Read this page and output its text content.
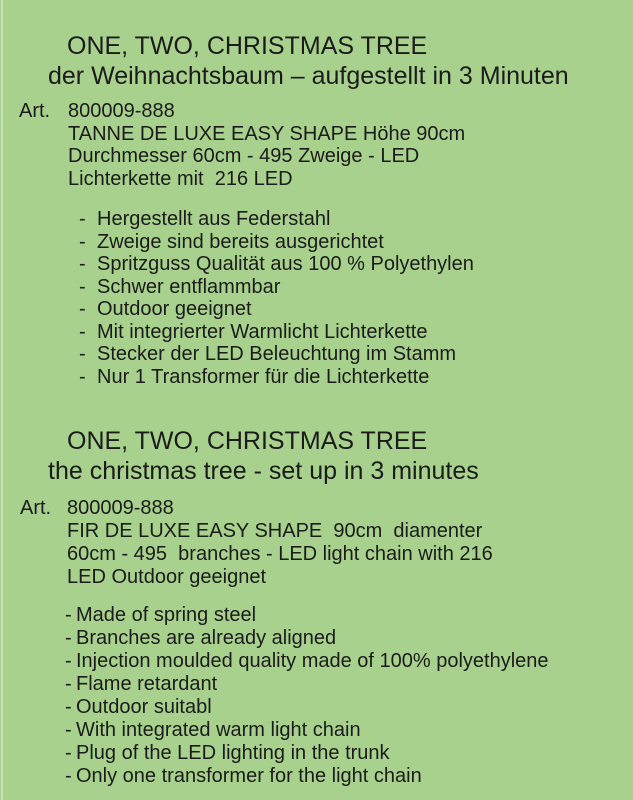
ONE, TWO, CHRISTMAS TREE
der Weihnachtsbaum – aufgestellt in 3 Minuten
Art. 800009-888
TANNE DE LUXE EASY SHAPE Höhe 90cm
Durchmesser 60cm - 495 Zweige - LED
Lichterkette mit  216 LED
- Hergestellt aus Federstahl
- Zweige sind bereits ausgerichtet
- Spritzguss Qualität aus 100 % Polyethylen
- Schwer entflammbar
- Outdoor geeignet
- Mit integrierter Warmlicht Lichterkette
- Stecker der LED Beleuchtung im Stamm
- Nur 1 Transformer für die Lichterkette
ONE, TWO, CHRISTMAS TREE
the christmas tree - set up in 3 minutes
Art. 800009-888
FIR DE LUXE EASY SHAPE  90cm  diamenter
60cm - 495  branches - LED light chain with 216
LED Outdoor geeignet
- Made of spring steel
- Branches are already aligned
- Injection moulded quality made of 100% polyethylene
- Flame retardant
- Outdoor suitabl
- With integrated warm light chain
- Plug of the LED lighting in the trunk
- Only one transformer for the light chain
